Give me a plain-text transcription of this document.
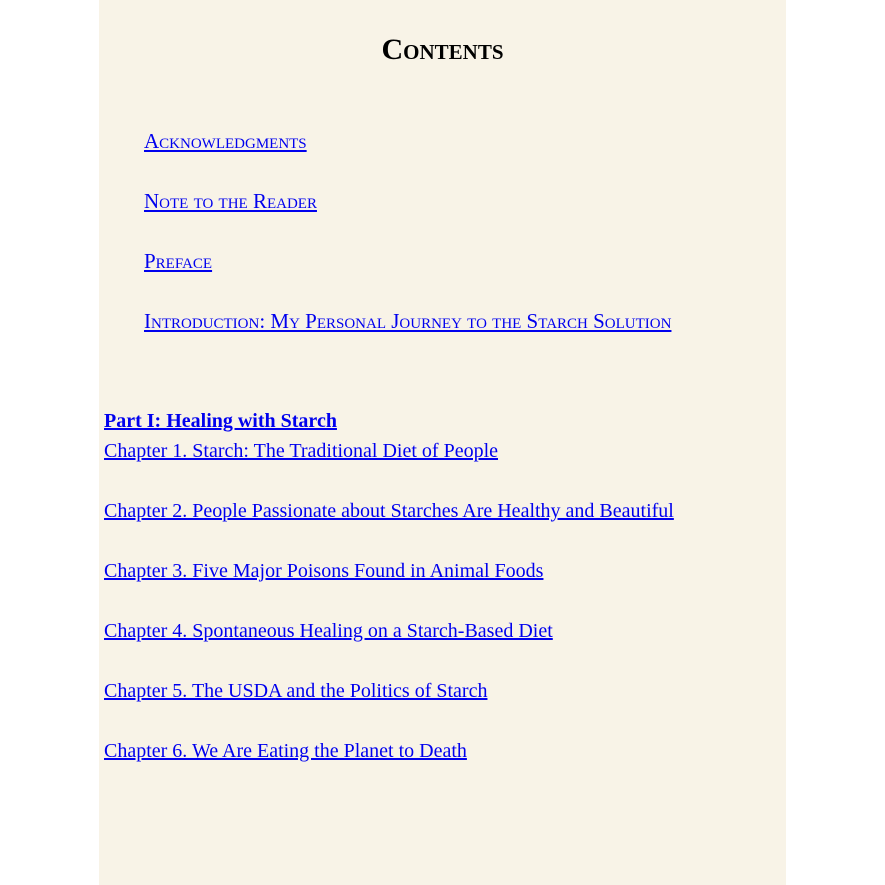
Contents
Acknowledgments
Note to the Reader
Preface
Introduction: My Personal Journey to the Starch Solution
Part I: Healing with Starch
Chapter 1. Starch: The Traditional Diet of People
Chapter 2. People Passionate about Starches Are Healthy and Beautiful
Chapter 3. Five Major Poisons Found in Animal Foods
Chapter 4. Spontaneous Healing on a Starch-Based Diet
Chapter 5. The USDA and the Politics of Starch
Chapter 6. We Are Eating the Planet to Death
